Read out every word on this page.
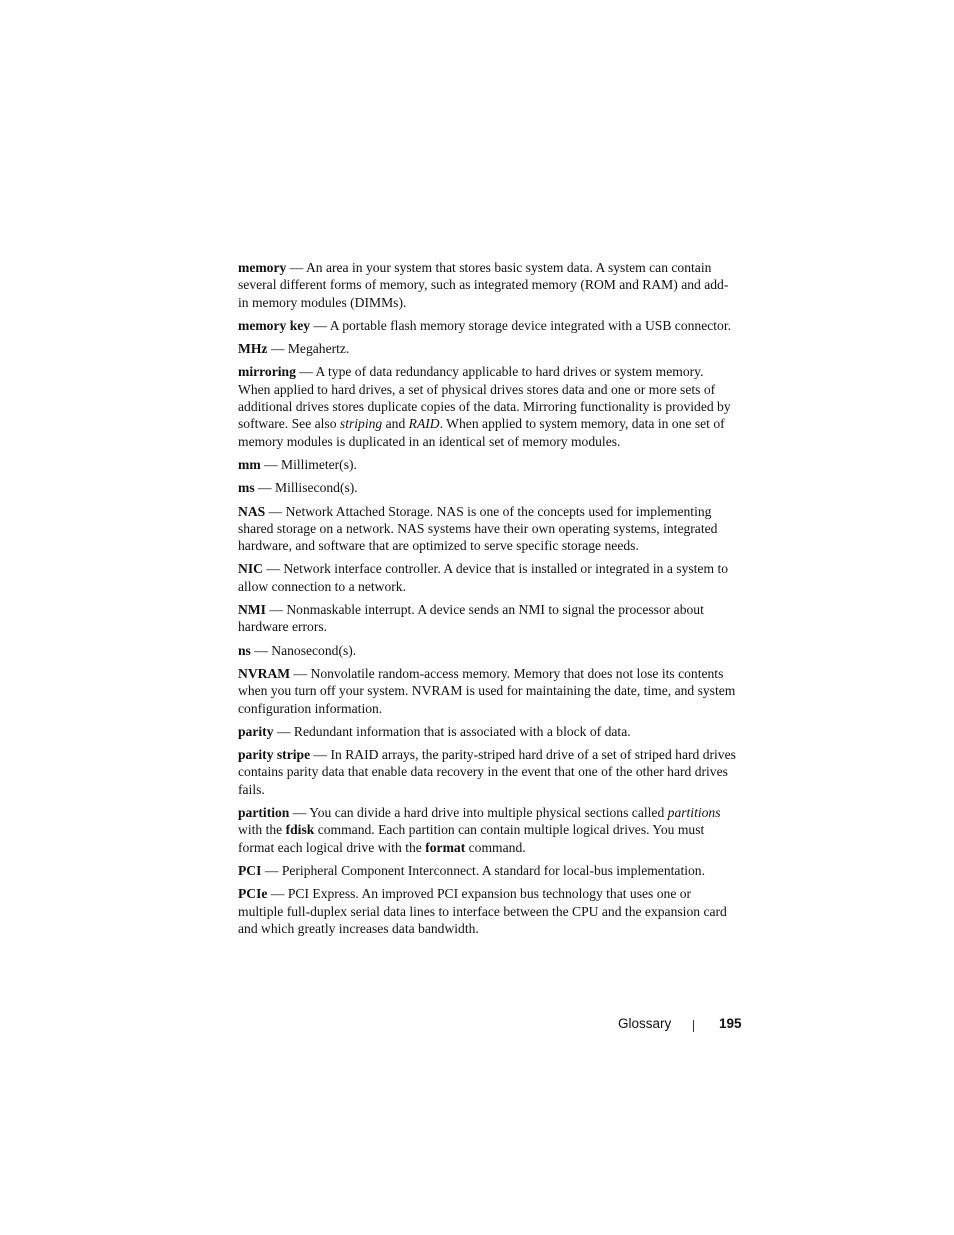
memory — An area in your system that stores basic system data. A system can contain several different forms of memory, such as integrated memory (ROM and RAM) and add-in memory modules (DIMMs).

memory key — A portable flash memory storage device integrated with a USB connector.

MHz — Megahertz.

mirroring — A type of data redundancy applicable to hard drives or system memory. When applied to hard drives, a set of physical drives stores data and one or more sets of additional drives stores duplicate copies of the data. Mirroring functionality is provided by software. See also striping and RAID. When applied to system memory, data in one set of memory modules is duplicated in an identical set of memory modules.

mm — Millimeter(s).

ms — Millisecond(s).

NAS — Network Attached Storage. NAS is one of the concepts used for implementing shared storage on a network. NAS systems have their own operating systems, integrated hardware, and software that are optimized to serve specific storage needs.

NIC — Network interface controller. A device that is installed or integrated in a system to allow connection to a network.

NMI — Nonmaskable interrupt. A device sends an NMI to signal the processor about hardware errors.

ns — Nanosecond(s).

NVRAM — Nonvolatile random-access memory. Memory that does not lose its contents when you turn off your system. NVRAM is used for maintaining the date, time, and system configuration information.

parity — Redundant information that is associated with a block of data.

parity stripe — In RAID arrays, the parity-striped hard drive of a set of striped hard drives contains parity data that enable data recovery in the event that one of the other hard drives fails.

partition — You can divide a hard drive into multiple physical sections called partitions with the fdisk command. Each partition can contain multiple logical drives. You must format each logical drive with the format command.

PCI — Peripheral Component Interconnect. A standard for local-bus implementation.

PCIe — PCI Express. An improved PCI expansion bus technology that uses one or multiple full-duplex serial data lines to interface between the CPU and the expansion card and which greatly increases data bandwidth.

Glossary	195
